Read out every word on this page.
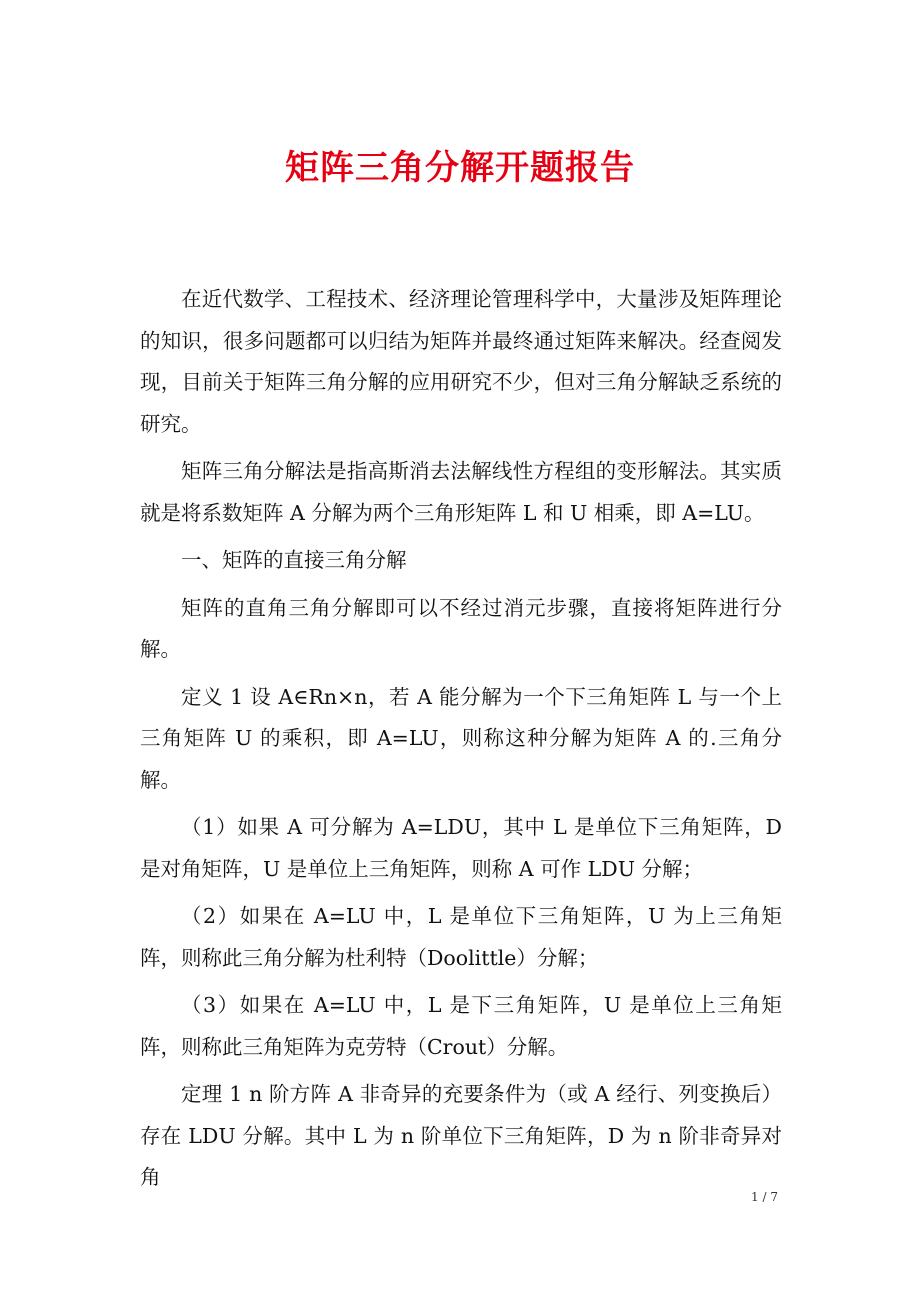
矩阵三角分解开题报告

在近代数学、工程技术、经济理论管理科学中，大量涉及矩阵理论的知识，很多问题都可以归结为矩阵并最终通过矩阵来解决。经查阅发现，目前关于矩阵三角分解的应用研究不少，但对三角分解缺乏系统的研究。

矩阵三角分解法是指高斯消去法解线性方程组的变形解法。其实质就是将系数矩阵 A 分解为两个三角形矩阵 L 和 U 相乘，即 A=LU。

一、矩阵的直接三角分解

矩阵的直角三角分解即可以不经过消元步骤，直接将矩阵进行分解。

定义 1 设 A∈Rn×n，若 A 能分解为一个下三角矩阵 L 与一个上三角矩阵 U 的乘积，即 A=LU，则称这种分解为矩阵 A 的.三角分解。

（1）如果 A 可分解为 A=LDU，其中 L 是单位下三角矩阵，D 是对角矩阵，U 是单位上三角矩阵，则称 A 可作 LDU 分解；

（2）如果在 A=LU 中，L 是单位下三角矩阵，U 为上三角矩阵，则称此三角分解为杜利特（Doolittle）分解；

（3）如果在 A=LU 中，L 是下三角矩阵，U 是单位上三角矩阵，则称此三角矩阵为克劳特（Crout）分解。

定理 1 n 阶方阵 A 非奇异的充要条件为（或 A 经行、列变换后）存在 LDU 分解。其中 L 为 n 阶单位下三角矩阵，D 为 n 阶非奇异对角

1 / 7
